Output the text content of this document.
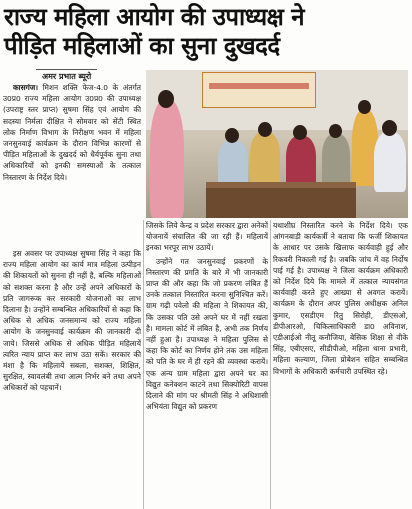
राज्य महिला आयोग की उपाध्यक्ष ने
पीड़ित महिलाओं का सुना दुखदर्द
अमर प्रभात ब्यूरो

कासगंज। मिशन शक्ति फेज-4.0 के अंतर्गत उ0प्र0 राज्य महिला आयोग उ0प्र0 की उपाध्यक्ष (उपराष्ट्र स्तर प्राप्त) सुषमा सिंह एवं आयोग की सदस्या निर्मला दीक्षित ने सोमवार को सेंटी स्थित लोक निर्माण विभाग के निरीक्षण भवन में महिला जनसुनवाई कार्यक्रम के दौरान विभिन्न कारणों से पीड़ित महिलाओं के दुखदर्द को धैर्यपूर्वक सुना तथा अधिकारियों को इनकी समस्याओं के तत्काल निस्तारण के निर्देश दिये।

इस अवसर पर उपाध्यक्ष सुषमा सिंह ने कहा कि राज्य महिला आयोग का कार्य मात्र महिला उत्पीड़न की शिकायतों को सुनना ही नहीं है, बल्कि महिलाओं को सशक्त करना है और उन्हें अपने अधिकारों के प्रति जागरूक कर सरकारी योजनाओं का लाभ दिलाना है। उन्होंने सम्बन्धित अधिकारियों से कहा कि अधिक से अधिक जनसमान्य को राज्य महिला आयोग के जनसुनवाई कार्यक्रम की जानकारी दी जाये। जिससे अधिक से अधिक पीड़ित महिलायें त्वरित न्याय प्राप्त कर लाभ उठा सकें। सरकार की मंशा है कि महिलायें सबला, सशक्त, शिक्षित, सुरक्षित, स्वावलंबी तथा आत्म निर्भर बने तथा अपने अधिकारों को पहचानें।

जिसके लिये केन्द्र व प्रदेश सरकार द्वारा अनेकों योजनायें संचालित की जा रही हैं। महिलायें इनका भरपूर लाभ उठायें।

उन्होंने गत जनसुनवाई प्रकरणों के निस्तारण की प्रगति के बारे में भी जानकारी प्राप्त की और कहा कि जो प्रकरण लंबित हैं उनके तत्काल निस्तारित करना सुनिश्चित करें। ग्राम गढ़ी पवेलो की महिला ने शिकायत की, कि उसका पति उसे अपने घर में नहीं रखता है। मामला कोर्ट में लंबित है, अभी तक निर्णय नहीं हुआ है। उपाध्यक्ष ने महिला पुलिस से कहा कि कोर्ट का निर्णय होने तक उस महिला को पति के घर में ही रहने की व्यवस्था करायें। एक अन्य ग्राम महिला द्वारा अपने घर का विद्युत कनेक्शन काटने तथा सिक्योरिटी वापस दिलाने की मांग पर श्रीमती सिंह ने अधिशासी अभियंता विद्युत को प्रकरण

यथाशीघ्र निस्तारित करने के निर्देश दिये। एक आंगनबाड़ी कार्यकर्त्री ने बताया कि फर्जी शिकायत के आधार पर उसके खिलाफ कार्यवाही हुई और रिकवरी निकाली गई है। जबकि जांच में वह निर्दोष पाई गई है। उपाध्यक्ष ने जिला कार्यक्रम अधिकारी को निर्देश दिये कि मामले में तत्काल न्यायसंगत कार्यवाही करते हुए आख्या से अवगत करायें। कार्यक्रम के दौरान अपर पुलिस अधीक्षक अनिल कुमार, एसडीएम रितु सिरोही, डीएसओ, डीपीआरओ, चिकित्साधिकारी डा0 अविनाश, एडीआईओ नीतू कनौजिया, बेसिक शिक्षा से वीके सिंह, एबीएसए, सीडीपीओ, महिला थाना प्रभारी, महिला कल्याण, जिला प्रोबेशन सहित सम्बन्धित विभागों के अधिकारी कर्मचारी उपस्थित रहे।
